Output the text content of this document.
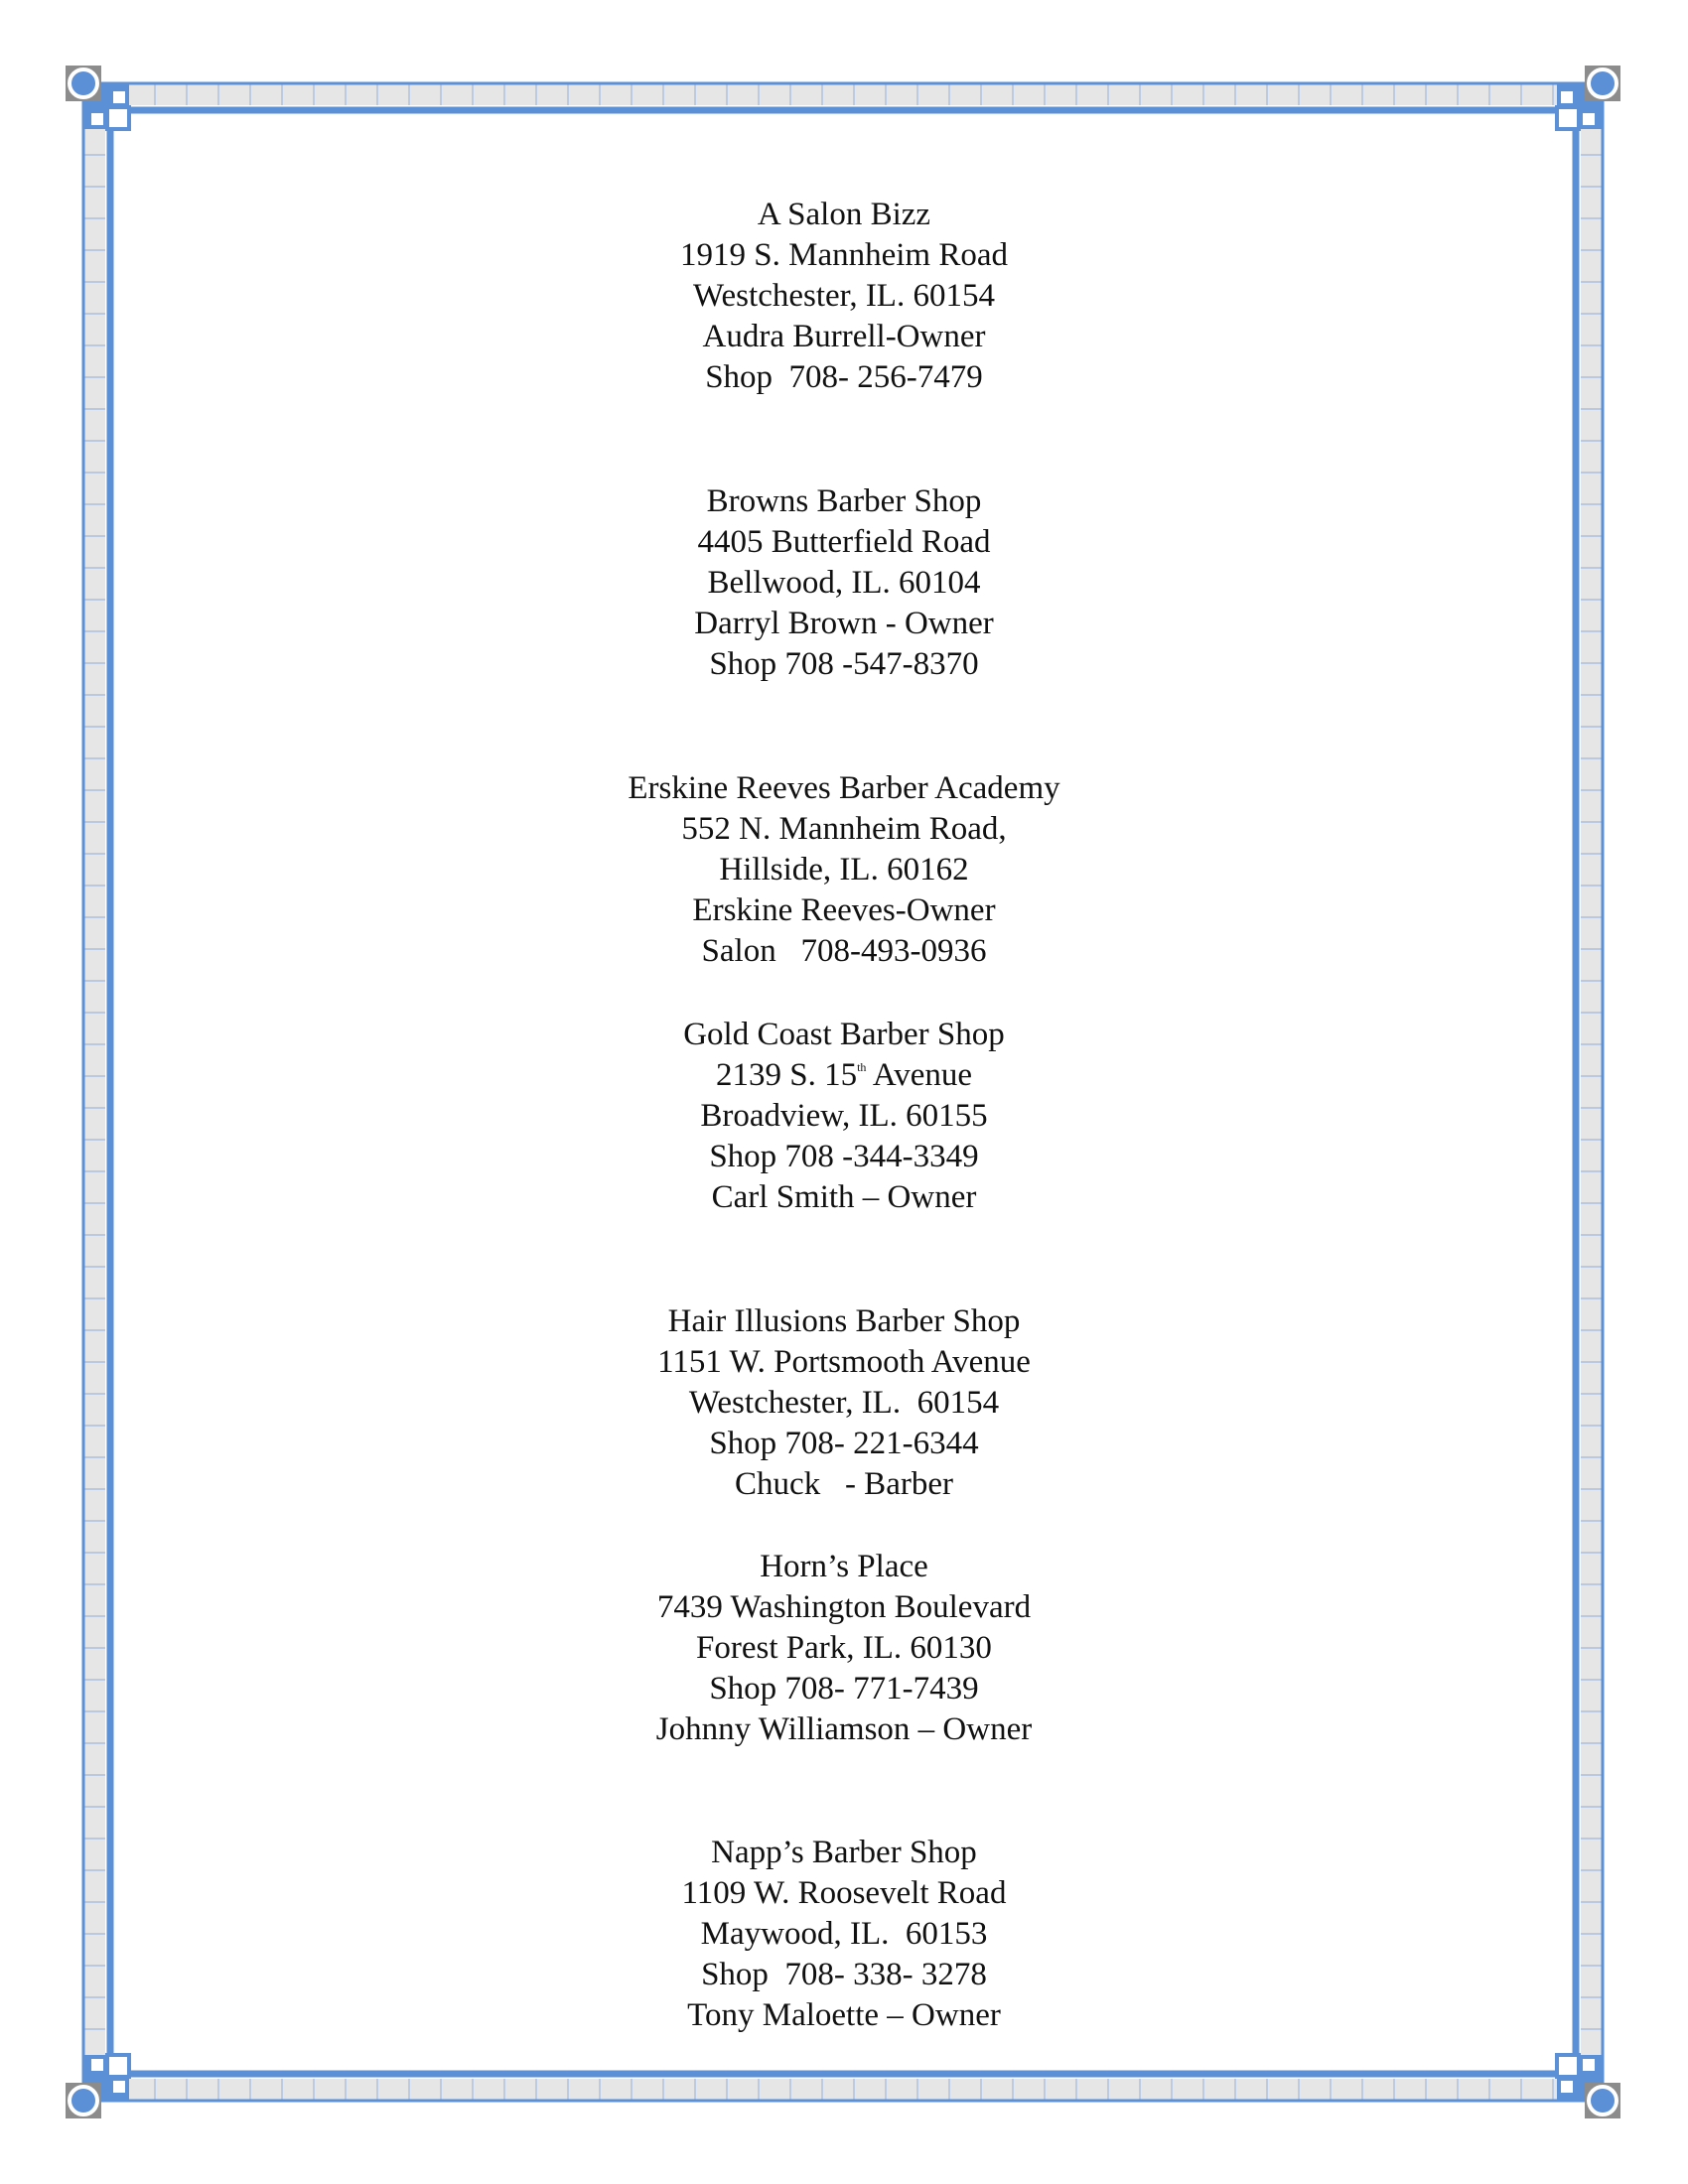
A Salon Bizz
1919 S. Mannheim Road
Westchester, IL. 60154
Audra Burrell-Owner
Shop  708- 256-7479
Browns Barber Shop
4405 Butterfield Road
Bellwood, IL. 60104
Darryl Brown - Owner
Shop 708 -547-8370
Erskine Reeves Barber Academy
552 N. Mannheim Road,
Hillside, IL. 60162
Erskine Reeves-Owner
Salon   708-493-0936
Gold Coast Barber Shop
2139 S. 15th Avenue
Broadview, IL. 60155
Shop 708 -344-3349
Carl Smith – Owner
Hair Illusions Barber Shop
1151 W. Portsmooth Avenue
Westchester, IL.  60154
Shop 708- 221-6344
Chuck   - Barber
Horn’s Place
7439 Washington Boulevard
Forest Park, IL. 60130
Shop 708- 771-7439
Johnny Williamson – Owner
Napp’s Barber Shop
1109 W. Roosevelt Road
Maywood, IL.  60153
Shop  708- 338- 3278
Tony Maloette – Owner
